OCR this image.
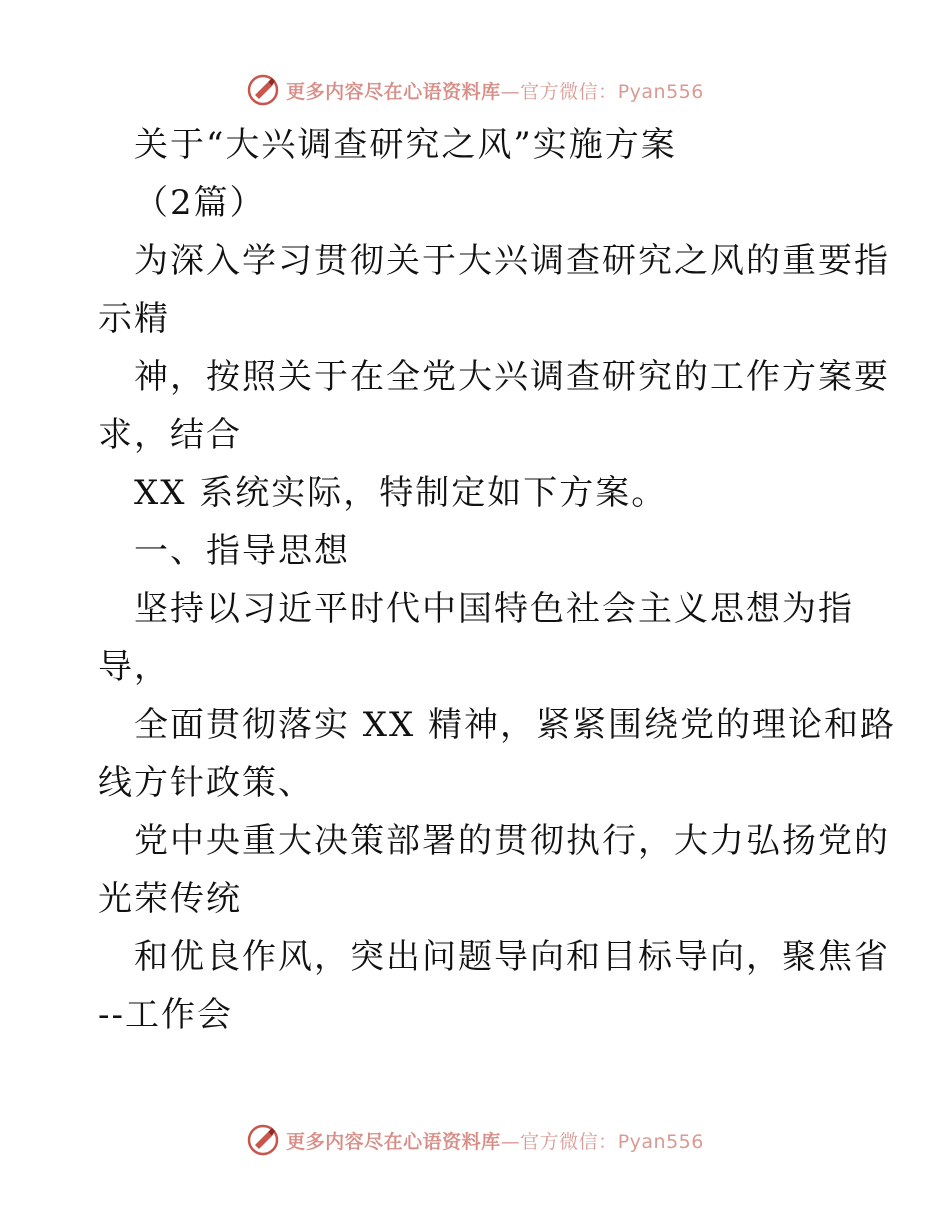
更多内容尽在心语资料库—官方微信：Pyan556
关于“大兴调查研究之风”实施方案
（2篇）
为深入学习贯彻关于大兴调查研究之风的重要指
示精
神，按照关于在全党大兴调查研究的工作方案要
求，结合
XX 系统实际，特制定如下方案。
一、指导思想
坚持以习近平时代中国特色社会主义思想为指
导，
全面贯彻落实 XX 精神，紧紧围绕党的理论和路
线方针政策、
党中央重大决策部署的贯彻执行，大力弘扬党的
光荣传统
和优良作风，突出问题导向和目标导向，聚焦省
--工作会
更多内容尽在心语资料库—官方微信：Pyan556
